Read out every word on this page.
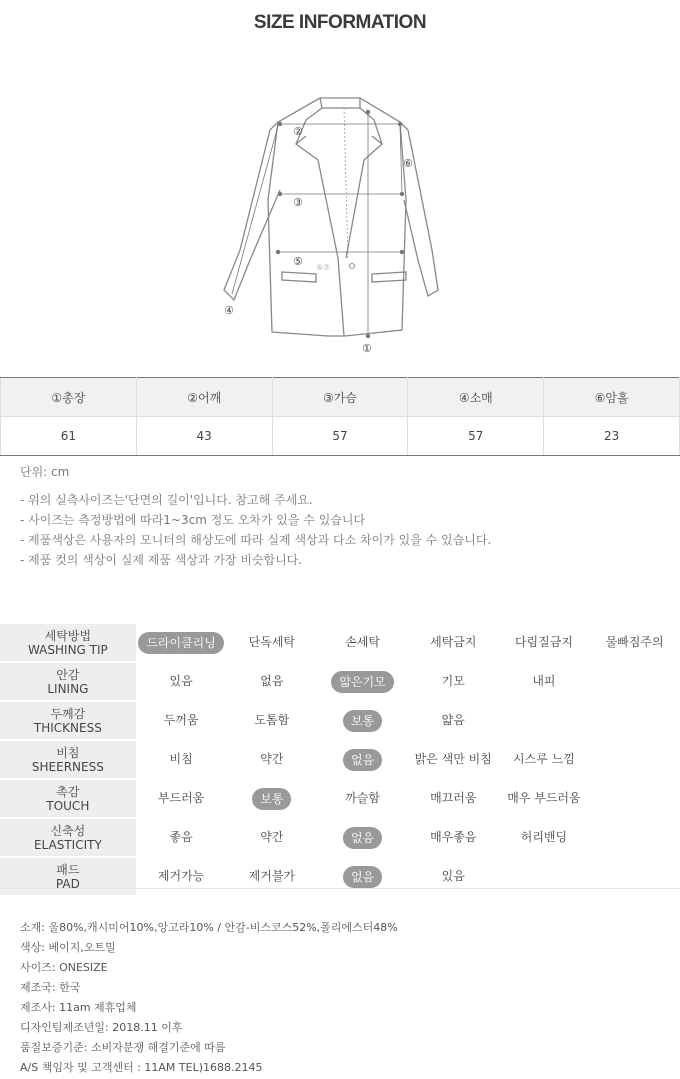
SIZE INFORMATION
②
③
⑤
⑥
④
①
⑥ ⑦
①총장	②어깨	③가슴	④소매	⑥암홀
61	43	57	57	23
단위: cm
- 위의 실측사이즈는'단면의 길이'입니다. 참고해 주세요.
- 사이즈는 측정방법에 따라1~3cm 정도 오차가 있을 수 있습니다
- 제품색상은 사용자의 모니터의 해상도에 따라 실제 색상과 다소 차이가 있을 수 있습니다.
- 제품 컷의 색상이 실제 제품 색상과 가장 비슷합니다.
세탁방법
WASHING TIP	드라이클리닝	단독세탁	손세탁	세탁금지	다림질금지	물빠짐주의

안감
LINING	있음	없음	얇은기모	기모	내피	

두께감
THICKNESS	두꺼움	도톰함	보통	얇음		

비침
SHEERNESS	비침	약간	없음	밝은 색만 비침	시스루 느낌	

촉감
TOUCH	부드러움	보통	까슬함	매끄러움	매우 부드러움	

신축성
ELASTICITY	좋음	약간	없음	매우좋음	허리밴딩	

패드
PAD	제거가능	제거불가	없음	있음		
소재: 울80%,캐시미어10%,앙고라10% / 안감-비스코스52%,폴리에스터48%
색상: 베이지,오트밀
사이즈: ONESIZE
제조국: 한국
제조사: 11am 제휴업체
디자인팀제조년일: 2018.11 이후
품질보증기준: 소비자분쟁 해결기준에 따름
A/S 책임자 및 고객센터 : 11AM TEL)1688.2145
